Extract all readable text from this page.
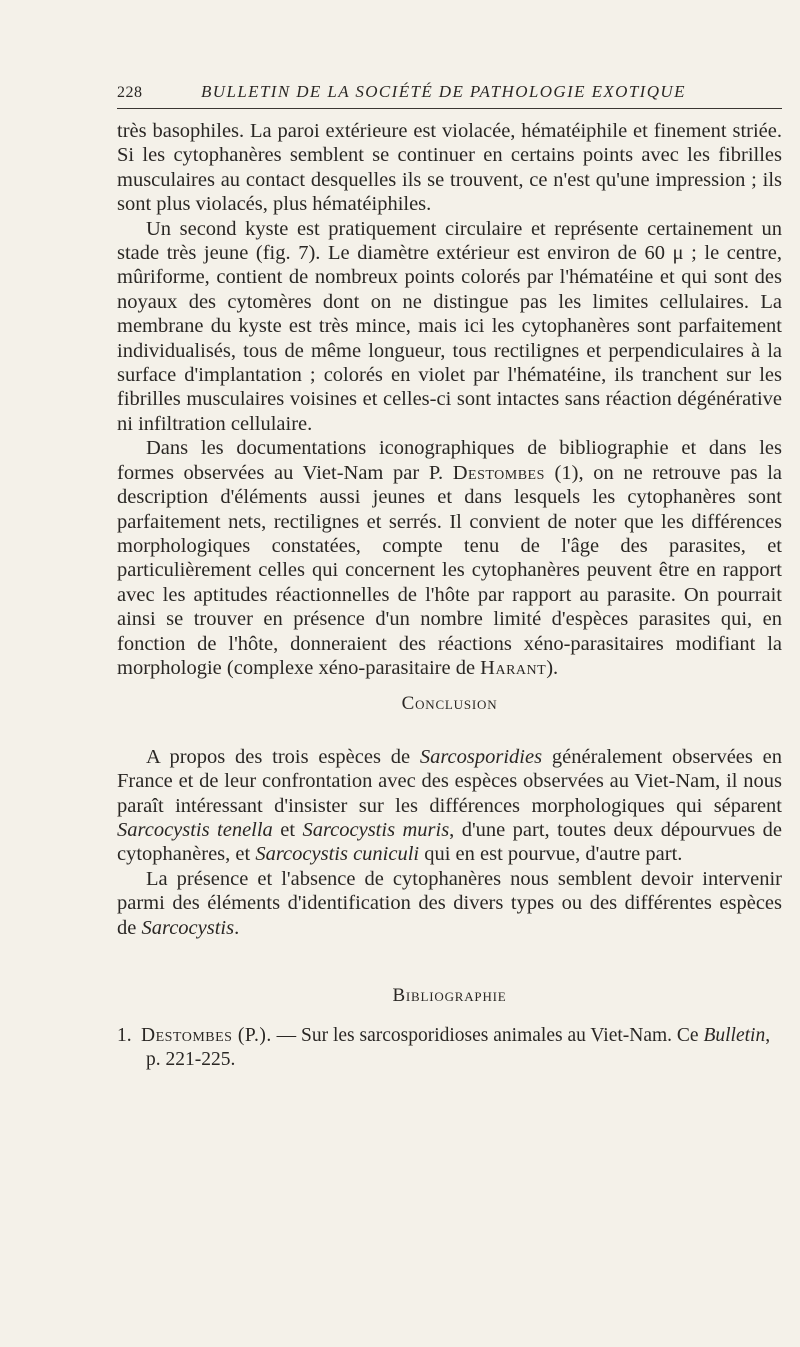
228	BULLETIN DE LA SOCIÉTÉ DE PATHOLOGIE EXOTIQUE

très basophiles. La paroi extérieure est violacée, hématéiphile et finement striée. Si les cytophanères semblent se continuer en certains points avec les fibrilles musculaires au contact desquelles ils se trouvent, ce n'est qu'une impression ; ils sont plus violacés, plus hématéiphiles.

Un second kyste est pratiquement circulaire et représente certainement un stade très jeune (fig. 7). Le diamètre extérieur est environ de 60 μ ; le centre, mûriforme, contient de nombreux points colorés par l'hématéine et qui sont des noyaux des cytomères dont on ne distingue pas les limites cellulaires. La membrane du kyste est très mince, mais ici les cytophanères sont parfaitement individualisés, tous de même longueur, tous rectilignes et perpendiculaires à la surface d'implantation ; colorés en violet par l'hématéine, ils tranchent sur les fibrilles musculaires voisines et celles-ci sont intactes sans réaction dégénérative ni infiltration cellulaire.

Dans les documentations iconographiques de bibliographie et dans les formes observées au Viet-Nam par P. Destombes (1), on ne retrouve pas la description d'éléments aussi jeunes et dans lesquels les cytophanères sont parfaitement nets, rectilignes et serrés. Il convient de noter que les différences morphologiques constatées, compte tenu de l'âge des parasites, et particulièrement celles qui concernent les cytophanères peuvent être en rapport avec les aptitudes réactionnelles de l'hôte par rapport au parasite. On pourrait ainsi se trouver en présence d'un nombre limité d'espèces parasites qui, en fonction de l'hôte, donneraient des réactions xéno-parasitaires modifiant la morphologie (complexe xéno-parasitaire de Harant).

Conclusion

A propos des trois espèces de Sarcosporidies généralement observées en France et de leur confrontation avec des espèces observées au Viet-Nam, il nous paraît intéressant d'insister sur les différences morphologiques qui séparent Sarcocystis tenella et Sarcocystis muris, d'une part, toutes deux dépourvues de cytophanères, et Sarcocystis cuniculi qui en est pourvue, d'autre part.

La présence et l'absence de cytophanères nous semblent devoir intervenir parmi des éléments d'identification des divers types ou des différentes espèces de Sarcocystis.

Bibliographie
1. Destombes (P.). — Sur les sarcosporidioses animales au Viet-Nam. Ce Bulletin, p. 221-225.
